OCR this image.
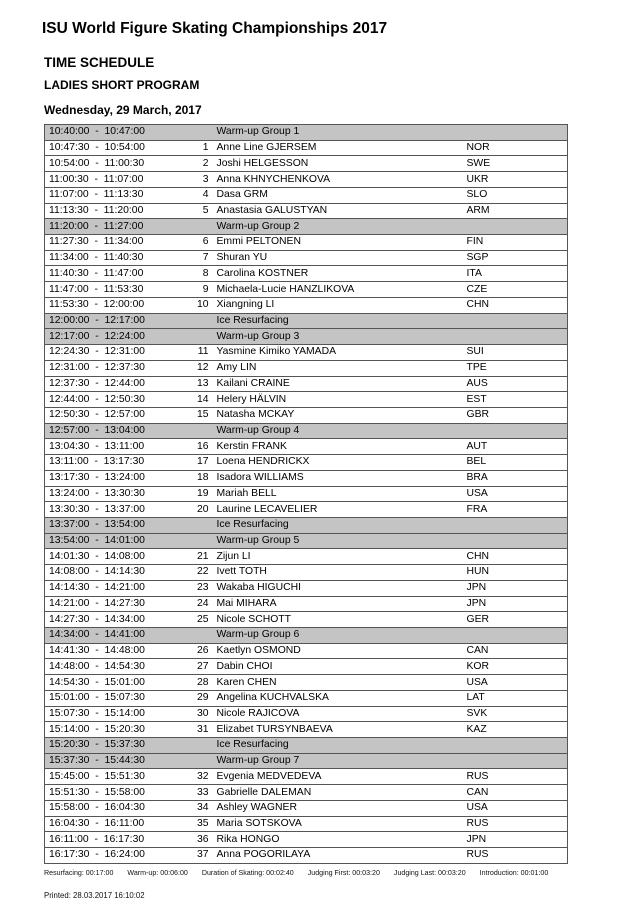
ISU World Figure Skating Championships 2017
TIME SCHEDULE
LADIES SHORT PROGRAM
Wednesday, 29 March, 2017
10:40:00  -  10:47:00		Warm-up Group 1	
10:47:30  -  10:54:00	1	Anne Line GJERSEM	NOR
10:54:00  -  11:00:30	2	Joshi HELGESSON	SWE
11:00:30  -  11:07:00	3	Anna KHNYCHENKOVA	UKR
11:07:00  -  11:13:30	4	Dasa GRM	SLO
11:13:30  -  11:20:00	5	Anastasia GALUSTYAN	ARM
11:20:00  -  11:27:00		Warm-up Group 2	
11:27:30  -  11:34:00	6	Emmi PELTONEN	FIN
11:34:00  -  11:40:30	7	Shuran YU	SGP
11:40:30  -  11:47:00	8	Carolina KOSTNER	ITA
11:47:00  -  11:53:30	9	Michaela-Lucie HANZLIKOVA	CZE
11:53:30  -  12:00:00	10	Xiangning LI	CHN
12:00:00  -  12:17:00		Ice Resurfacing	
12:17:00  -  12:24:00		Warm-up Group 3	
12:24:30  -  12:31:00	11	Yasmine Kimiko YAMADA	SUI
12:31:00  -  12:37:30	12	Amy LIN	TPE
12:37:30  -  12:44:00	13	Kailani CRAINE	AUS
12:44:00  -  12:50:30	14	Helery HÄLVIN	EST
12:50:30  -  12:57:00	15	Natasha MCKAY	GBR
12:57:00  -  13:04:00		Warm-up Group 4	
13:04:30  -  13:11:00	16	Kerstin FRANK	AUT
13:11:00  -  13:17:30	17	Loena HENDRICKX	BEL
13:17:30  -  13:24:00	18	Isadora WILLIAMS	BRA
13:24:00  -  13:30:30	19	Mariah BELL	USA
13:30:30  -  13:37:00	20	Laurine LECAVELIER	FRA
13:37:00  -  13:54:00		Ice Resurfacing	
13:54:00  -  14:01:00		Warm-up Group 5	
14:01:30  -  14:08:00	21	Zijun LI	CHN
14:08:00  -  14:14:30	22	Ivett TOTH	HUN
14:14:30  -  14:21:00	23	Wakaba HIGUCHI	JPN
14:21:00  -  14:27:30	24	Mai MIHARA	JPN
14:27:30  -  14:34:00	25	Nicole SCHOTT	GER
14:34:00  -  14:41:00		Warm-up Group 6	
14:41:30  -  14:48:00	26	Kaetlyn OSMOND	CAN
14:48:00  -  14:54:30	27	Dabin CHOI	KOR
14:54:30  -  15:01:00	28	Karen CHEN	USA
15:01:00  -  15:07:30	29	Angelina KUCHVALSKA	LAT
15:07:30  -  15:14:00	30	Nicole RAJICOVA	SVK
15:14:00  -  15:20:30	31	Elizabet TURSYNBAEVA	KAZ
15:20:30  -  15:37:30		Ice Resurfacing	
15:37:30  -  15:44:30		Warm-up Group 7	
15:45:00  -  15:51:30	32	Evgenia MEDVEDEVA	RUS
15:51:30  -  15:58:00	33	Gabrielle DALEMAN	CAN
15:58:00  -  16:04:30	34	Ashley WAGNER	USA
16:04:30  -  16:11:00	35	Maria SOTSKOVA	RUS
16:11:00  -  16:17:30	36	Rika HONGO	JPN
16:17:30  -  16:24:00	37	Anna POGORILAYA	RUS
Resurfacing: 00:17:00 Warm-up: 00:06:00 Duration of Skating: 00:02:40 Judging First: 00:03:20 Judging Last: 00:03:20 Introduction: 00:01:00
Printed: 28.03.2017 16:10:02
